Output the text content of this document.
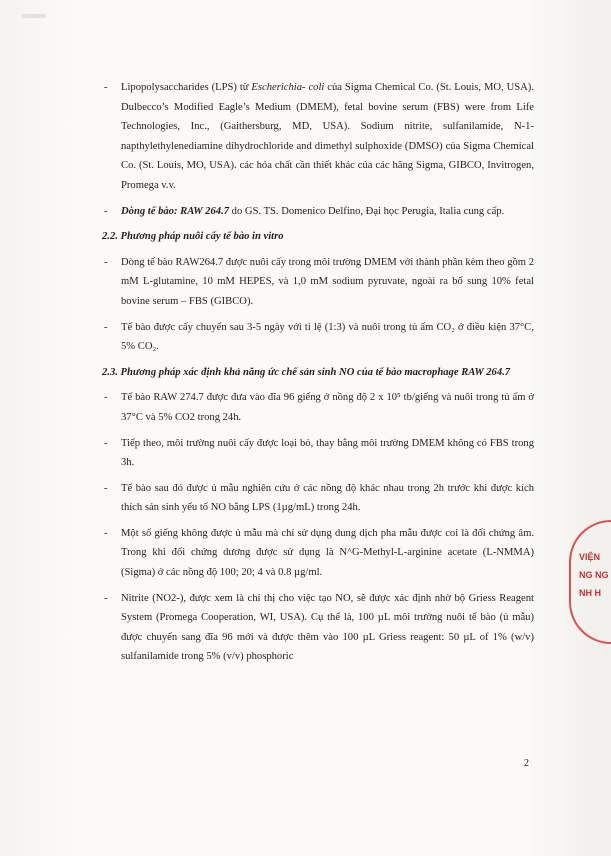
- Lipopolysaccharides (LPS) từ Escherichia- coli của Sigma Chemical Co. (St. Louis, MO, USA). Dulbecco’s Modified Eagle’s Medium (DMEM), fetal bovine serum (FBS) were from Life Technologies, Inc., (Gaithersburg, MD, USA). Sodium nitrite, sulfanilamide, N-1-napthylethylenediamine dihydrochloride and dimethyl sulphoxide (DMSO) của Sigma Chemical Co. (St. Louis, MO, USA). các hóa chất cần thiết khác của các hãng Sigma, GIBCO, Invitrogen, Promega v.v.
- Dòng tế bào: RAW 264.7 do GS. TS. Domenico Delfino, Đại học Perugia, Italia cung cấp.
2.2. Phương pháp nuôi cấy tế bào in vitro
- Dòng tế bào RAW264.7 được nuôi cấy trong môi trường DMEM với thành phần kèm theo gồm 2 mM L-glutamine, 10 mM HEPES, và 1,0 mM sodium pyruvate, ngoài ra bổ sung 10% fetal bovine serum – FBS (GIBCO).
- Tế bào được cấy chuyển sau 3-5 ngày với tỉ lệ (1:3) và nuôi trong tủ ấm CO₂ ở điều kiện 37°C, 5% CO₂.
2.3. Phương pháp xác định khả năng ức chế sản sinh NO của tế bào macrophage RAW 264.7
- Tế bào RAW 274.7 được đưa vào đĩa 96 giếng ở nồng độ 2 x 10⁵ tb/giếng và nuôi trong tủ ấm ở 37°C và 5% CO2 trong 24h.
- Tiếp theo, môi trường nuôi cấy được loại bỏ, thay bằng môi trường DMEM không có FBS trong 3h.
- Tế bào sau đó được ủ mẫu nghiên cứu ở các nồng độ khác nhau trong 2h trước khi được kích thích sản sinh yếu tố NO bằng LPS (1µg/mL) trong 24h.
- Một số giếng không được ủ mẫu mà chỉ sử dụng dung dịch pha mẫu được coi là đối chứng âm. Trong khi đối chứng dương được sử dụng là N^G-Methyl-L-arginine acetate (L-NMMA) (Sigma) ở các nồng độ 100; 20; 4 và 0.8 µg/ml.
- Nitrite (NO2-), được xem là chỉ thị cho việc tạo NO, sẽ được xác định nhờ bộ Griess Reagent System (Promega Cooperation, WI, USA). Cụ thể là, 100 µL môi trường nuôi tế bào (ủ mẫu) được chuyển sang đĩa 96 mới và được thêm vào 100 µL Griess reagent: 50 µL of 1% (w/v) sulfanilamide trong 5% (v/v) phosphoric
2
VIỆN
NG NG
NH H
